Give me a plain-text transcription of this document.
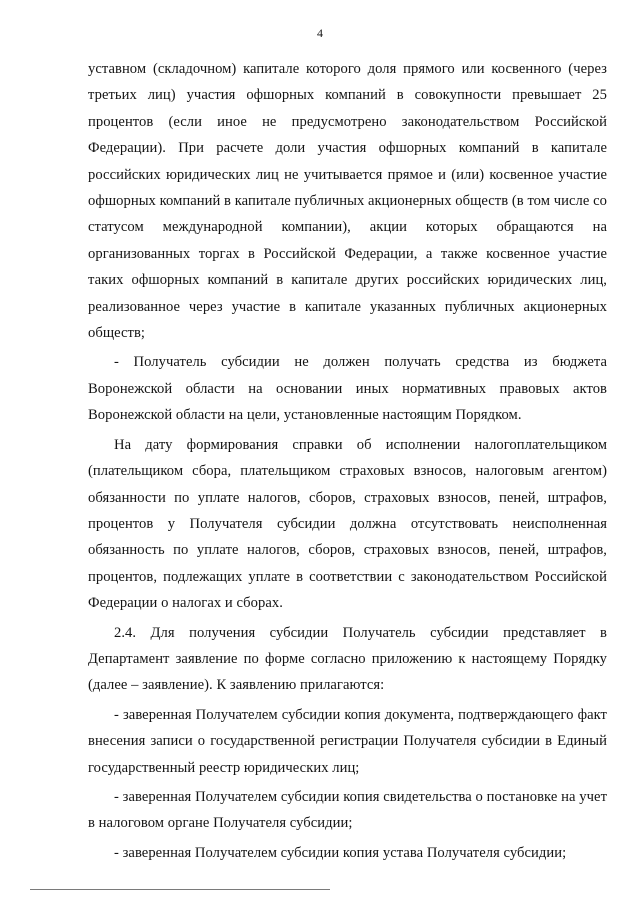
4

уставном (складочном) капитале которого доля прямого или косвенного (через третьих лиц) участия офшорных компаний в совокупности превышает 25 процентов (если иное не предусмотрено законодательством Российской Федерации). При расчете доли участия офшорных компаний в капитале российских юридических лиц не учитывается прямое и (или) косвенное участие офшорных компаний в капитале публичных акционерных обществ (в том числе со статусом международной компании), акции которых обращаются на организованных торгах в Российской Федерации, а также косвенное участие таких офшорных компаний в капитале других российских юридических лиц, реализованное через участие в капитале указанных публичных акционерных обществ;

- Получатель субсидии не должен получать средства из бюджета Воронежской области на основании иных нормативных правовых актов Воронежской области на цели, установленные настоящим Порядком.

На дату формирования справки об исполнении налогоплательщиком (плательщиком сбора, плательщиком страховых взносов, налоговым агентом) обязанности по уплате налогов, сборов, страховых взносов, пеней, штрафов, процентов у Получателя субсидии должна отсутствовать неисполненная обязанность по уплате налогов, сборов, страховых взносов, пеней, штрафов, процентов, подлежащих уплате в соответствии с законодательством Российской Федерации о налогах и сборах.

2.4. Для получения субсидии Получатель субсидии представляет в Департамент заявление по форме согласно приложению к настоящему Порядку (далее – заявление). К заявлению прилагаются:

- заверенная Получателем субсидии копия документа, подтверждающего факт внесения записи о государственной регистрации Получателя субсидии в Единый государственный реестр юридических лиц;

- заверенная Получателем субсидии копия свидетельства о постановке на учет в налоговом органе Получателя субсидии;

- заверенная Получателем субсидии копия устава Получателя субсидии;
